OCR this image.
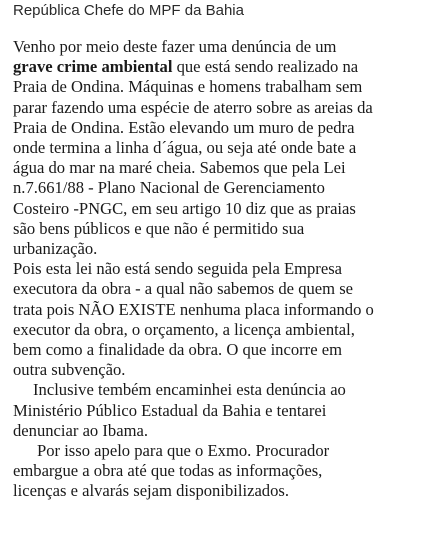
República Chefe do MPF da Bahia
Venho por meio deste fazer uma denúncia de um
grave crime ambiental que está sendo realizado na
Praia de Ondina. Máquinas e homens trabalham sem
parar fazendo uma espécie de aterro sobre as areias da
Praia de Ondina. Estão elevando um muro de pedra
onde termina a linha d´água, ou seja até onde bate a
água do mar na maré cheia. Sabemos que pela Lei
n.7.661/88 - Plano Nacional de Gerenciamento
Costeiro -PNGC, em seu artigo 10 diz que as praias
são bens públicos e que não é permitido sua
urbanização.
Pois esta lei não está sendo seguida pela Empresa
executora da obra - a qual não sabemos de quem se
trata pois NÃO EXISTE nenhuma placa informando o
executor da obra, o orçamento, a licença ambiental,
bem como a finalidade da obra. O que incorre em
outra subvenção.
Inclusive tembém encaminhei esta denúncia ao
Ministério Público Estadual da Bahia e tentarei
denunciar ao Ibama.
Por isso apelo para que o Exmo. Procurador
embargue a obra até que todas as informações,
licenças e alvarás sejam disponibilizados.
